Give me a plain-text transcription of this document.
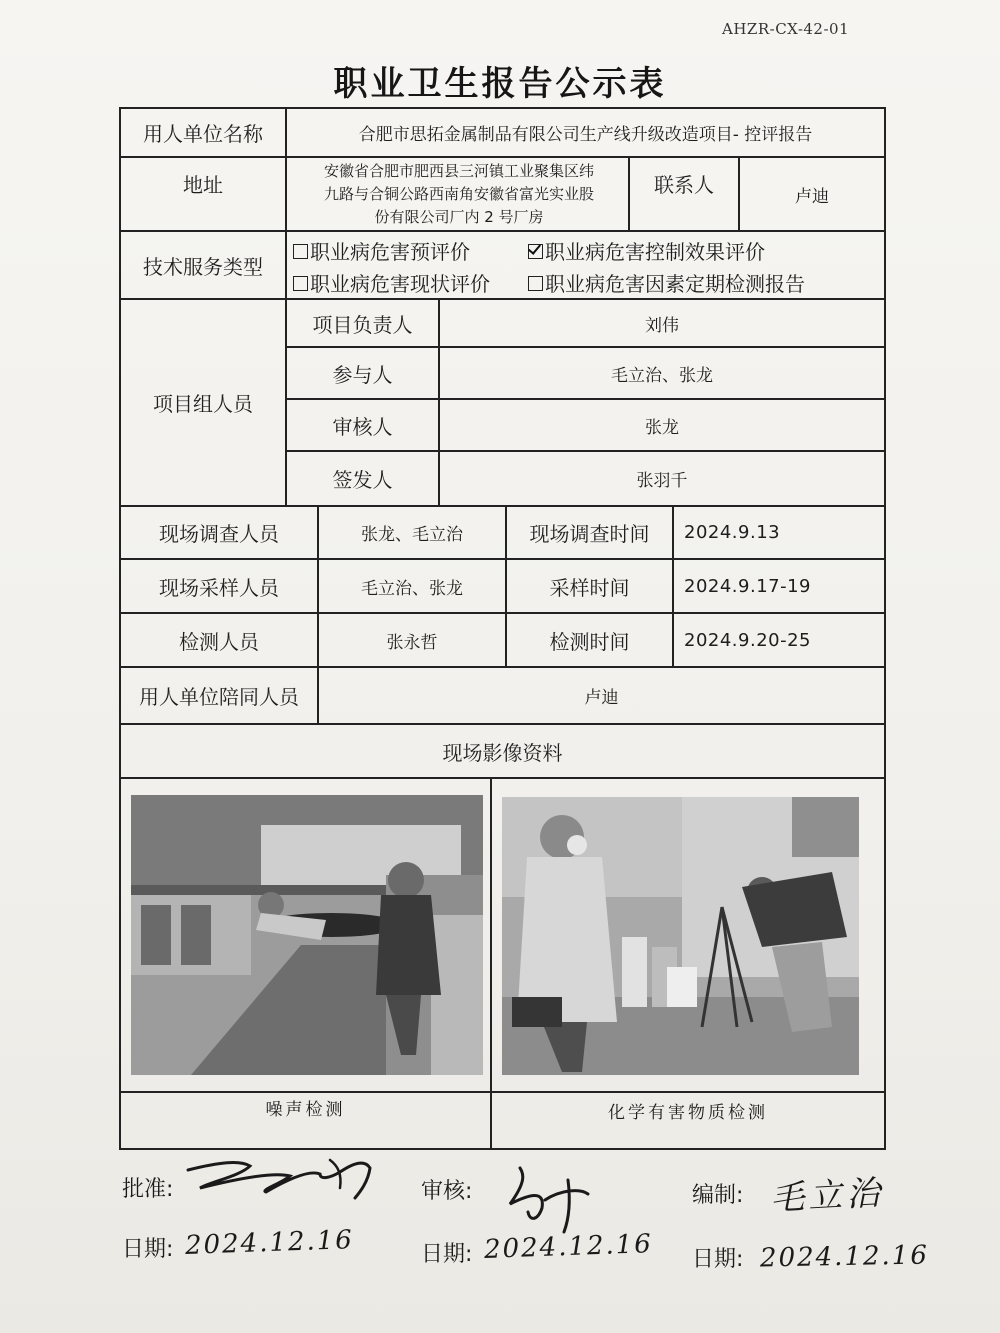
AHZR-CX-42-01
职业卫生报告公示表
用人单位名称	合肥市思拓金属制品有限公司生产线升级改造项目- 控评报告
地址
安徽省合肥市肥西县三河镇工业聚集区纬
九路与合铜公路西南角安徽省富光实业股
份有限公司厂内 2 号厂房
联系人	卢迪
技术服务类型
职业病危害预评价	职业病危害控制效果评价
职业病危害现状评价	职业病危害因素定期检测报告
项目组人员
项目负责人	刘伟
参与人	毛立治、张龙
审核人	张龙
签发人	张羽千
现场调查人员	张龙、毛立治	现场调查时间	2024.9.13
现场采样人员	毛立治、张龙	采样时间	2024.9.17-19
检测人员	张永哲	检测时间	2024.9.20-25
用人单位陪同人员	卢迪
现场影像资料
噪声检测	化学有害物质检测
批准:	审核:	编制: 毛立治
日期: 2024.12.16	日期: 2024.12.16 日期: 2024.12.16
